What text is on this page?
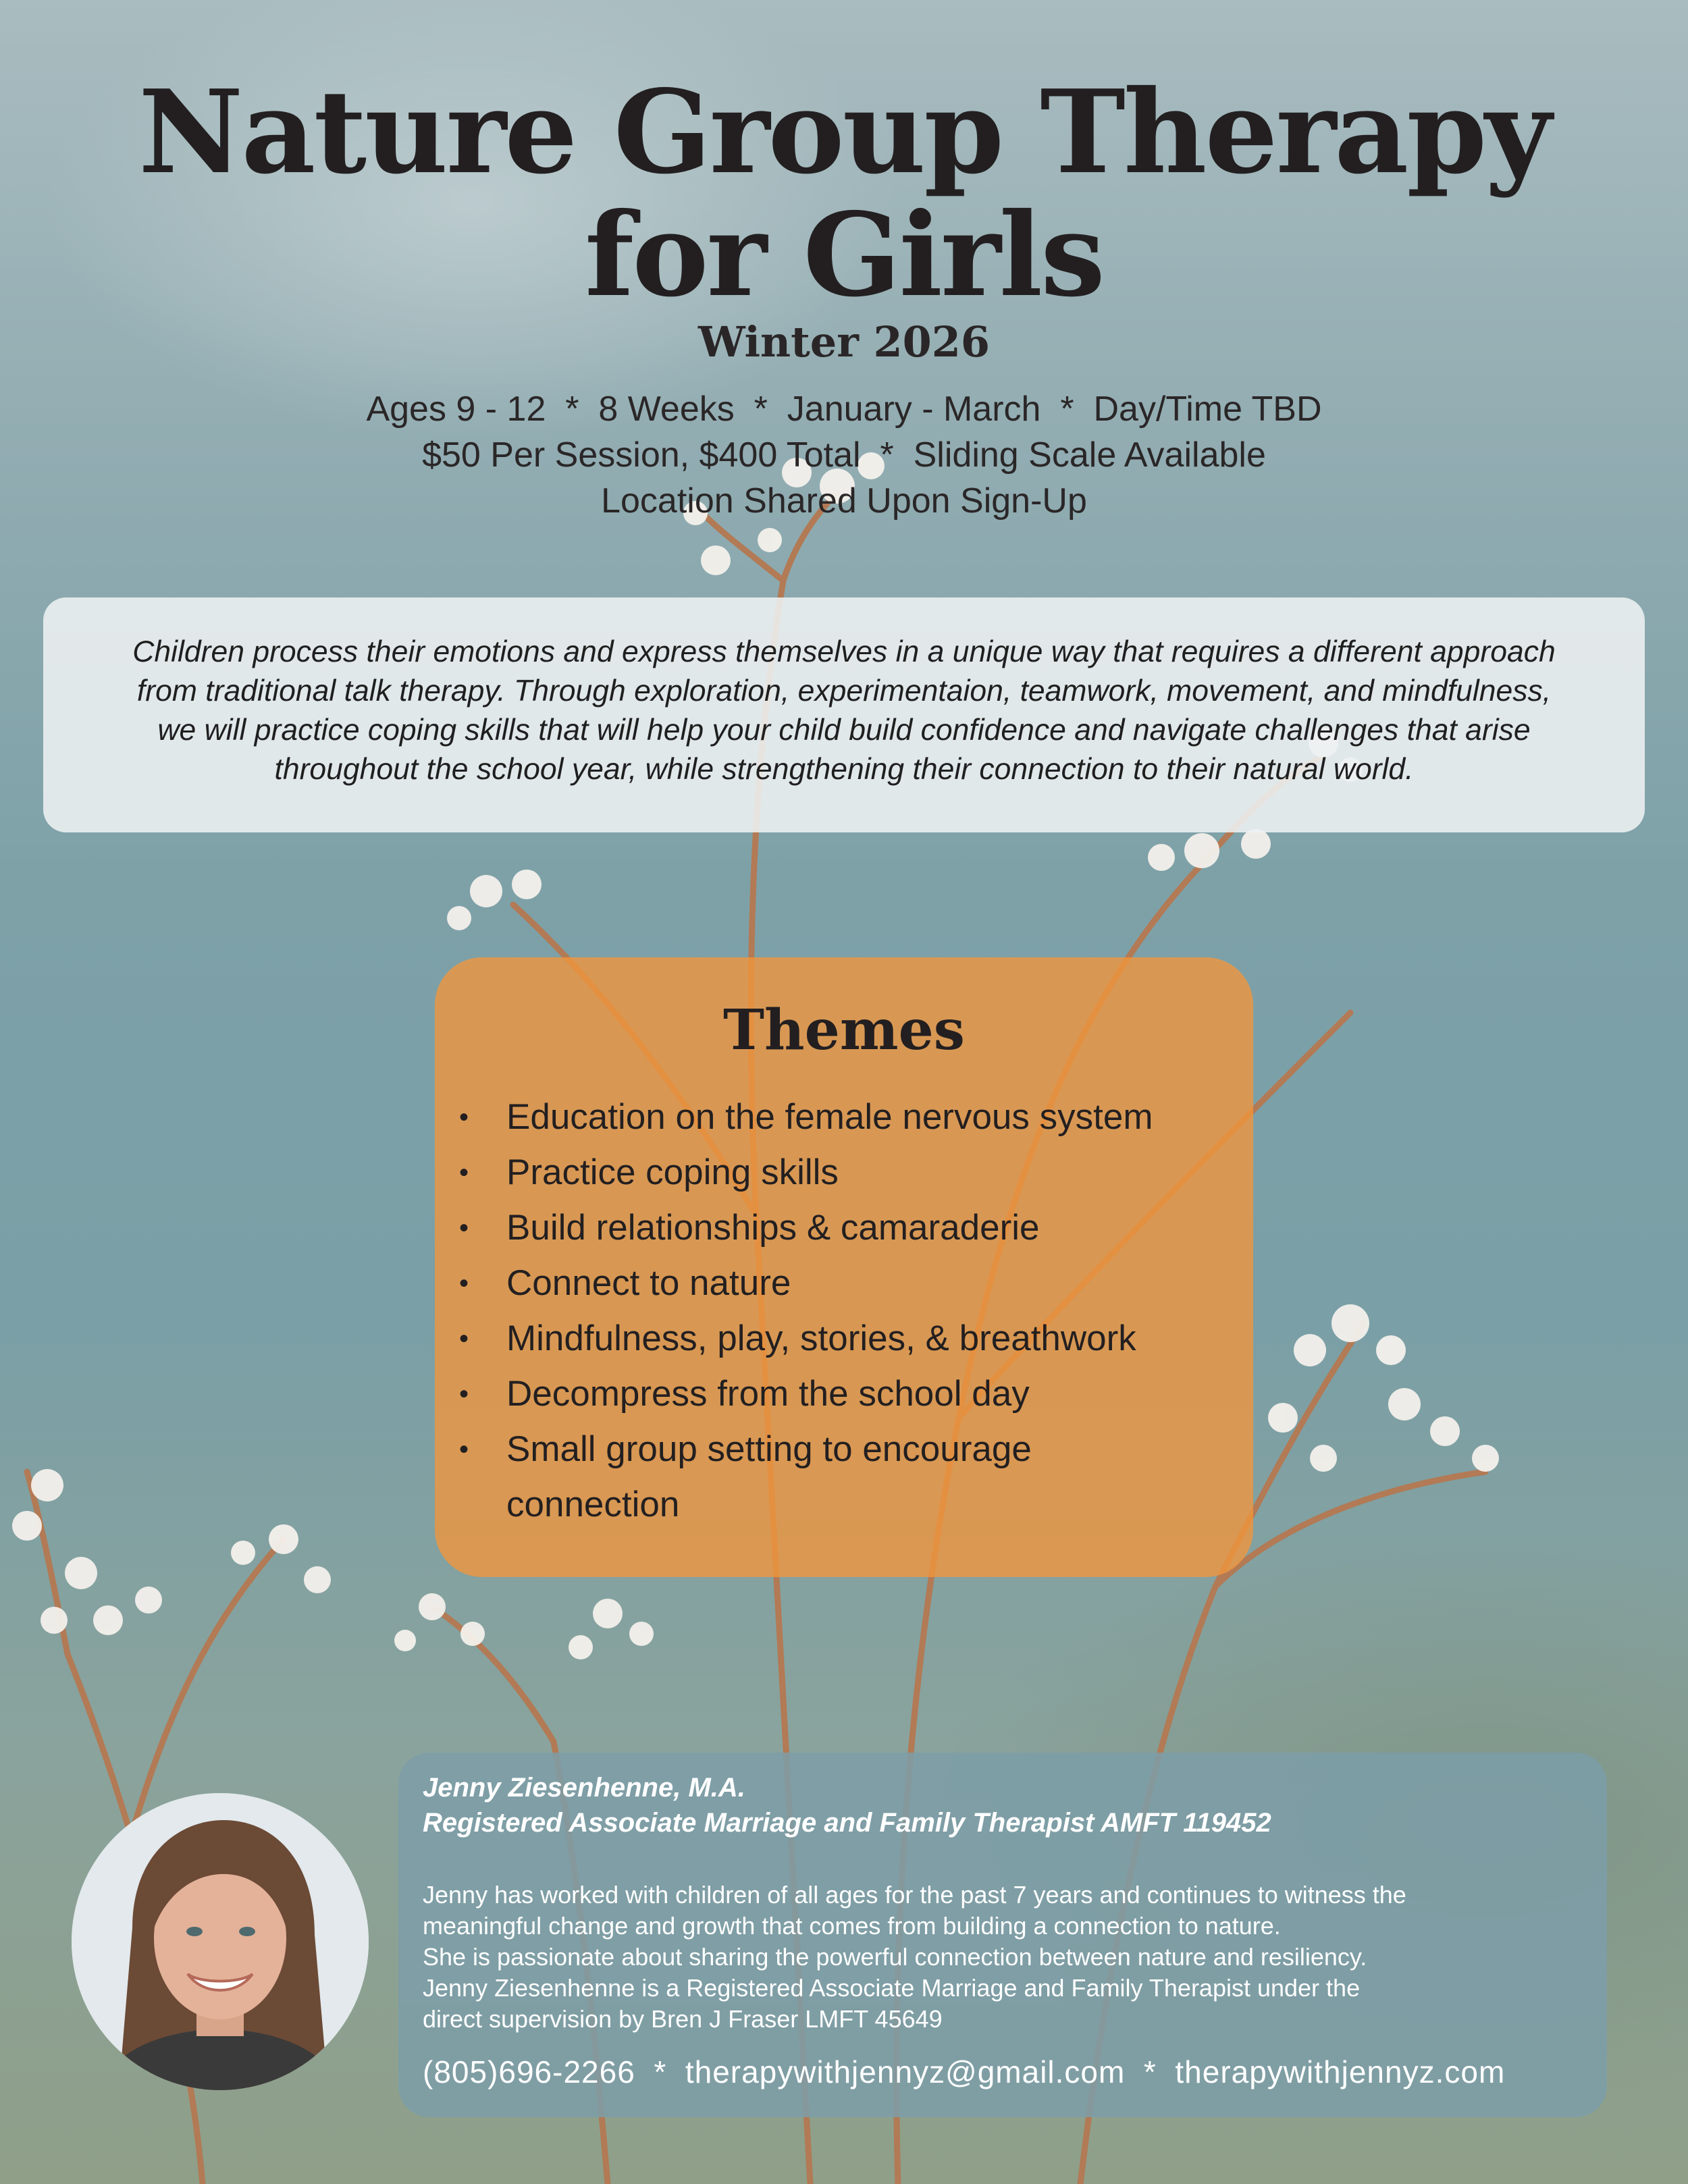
Nature Group Therapy
for Girls
Winter 2026
Ages 9 - 12  *  8 Weeks  *  January - March  *  Day/Time TBD
$50 Per Session, $400 Total  *  Sliding Scale Available
Location Shared Upon Sign-Up
Children process their emotions and express themselves in a unique way that requires a different approach
from traditional talk therapy. Through exploration, experimentaion, teamwork, movement, and mindfulness,
we will practice coping skills that will help your child build confidence and navigate challenges that arise
throughout the school year, while strengthening their connection to their natural world.
Themes
• Education on the female nervous system
• Practice coping skills
• Build relationships & camaraderie
• Connect to nature
• Mindfulness, play, stories, & breathwork
• Decompress from the school day
• Small group setting to encourage connection
Jenny Ziesenhenne, M.A.
Registered Associate Marriage and Family Therapist AMFT 119452
Jenny has worked with children of all ages for the past 7 years and continues to witness the
meaningful change and growth that comes from building a connection to nature.
She is passionate about sharing the powerful connection between nature and resiliency.
Jenny Ziesenhenne is a Registered Associate Marriage and Family Therapist under the
direct supervision by Bren J Fraser LMFT 45649
(805)696-2266 * therapywithjennyz@gmail.com * therapywithjennyz.com
